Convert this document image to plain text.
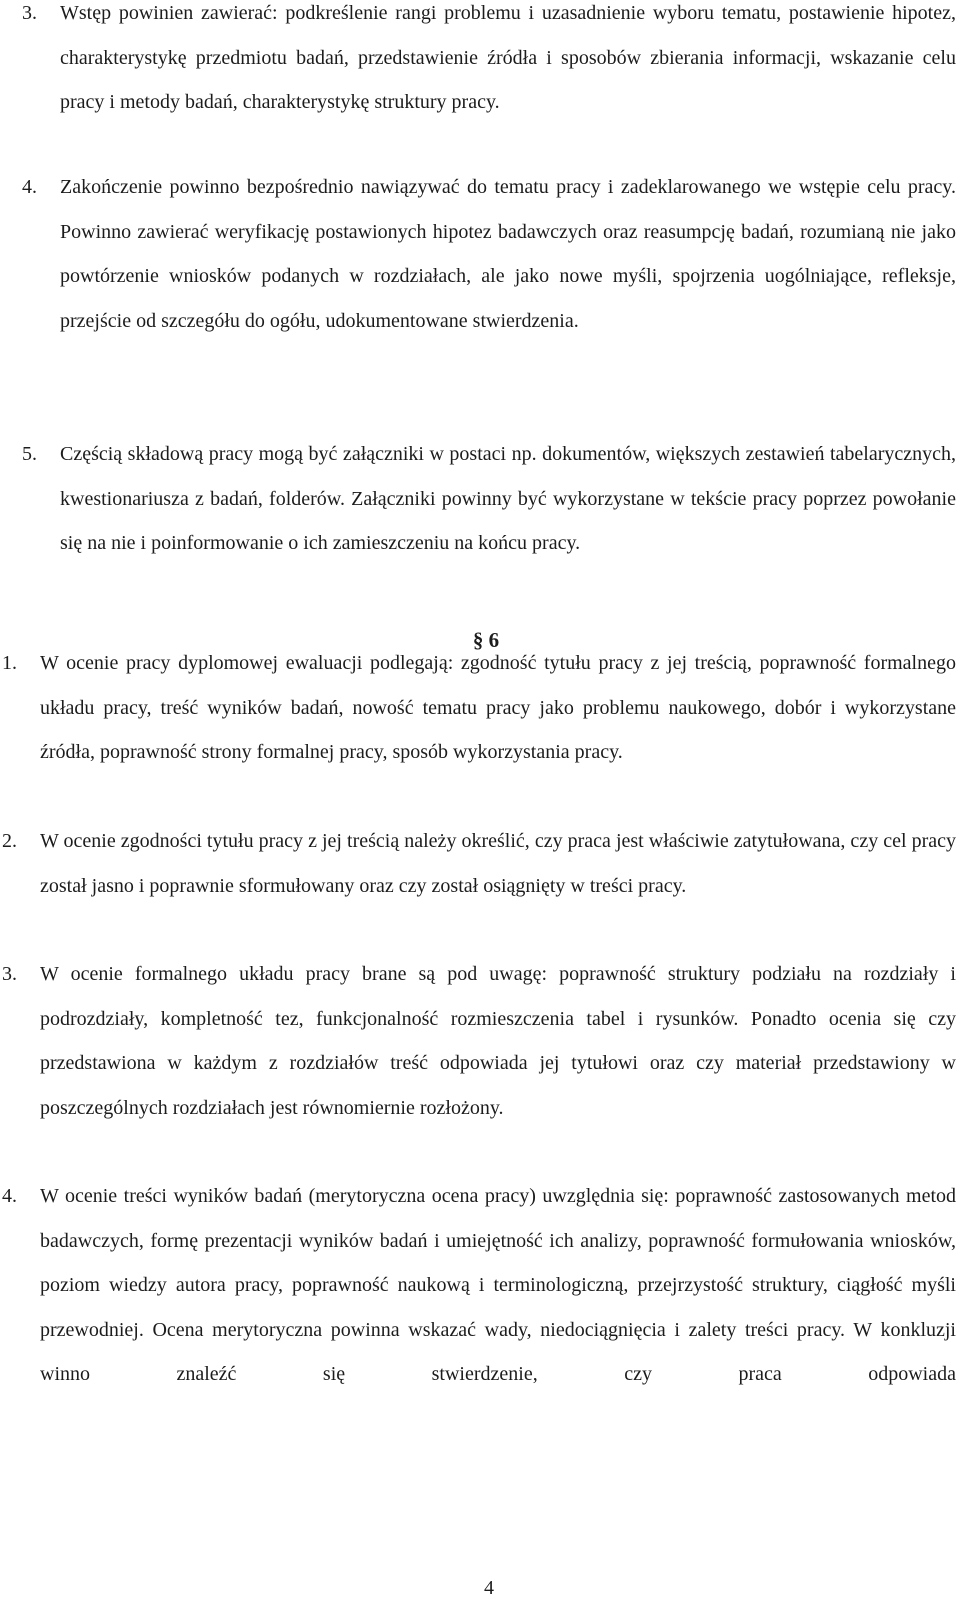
3. Wstęp powinien zawierać: podkreślenie rangi problemu i uzasadnienie wyboru tematu, postawienie hipotez, charakterystykę przedmiotu badań, przedstawienie źródła i sposobów zbierania informacji, wskazanie celu pracy i metody badań, charakterystykę struktury pracy.

4. Zakończenie powinno bezpośrednio nawiązywać do tematu pracy i zadeklarowanego we wstępie celu pracy. Powinno zawierać weryfikację postawionych hipotez badawczych oraz reasumpcję badań, rozumianą nie jako powtórzenie wniosków podanych w rozdziałach, ale jako nowe myśli, spojrzenia uogólniające, refleksje, przejście od szczegółu do ogółu, udokumentowane stwierdzenia.

5. Częścią składową pracy mogą być załączniki w postaci np. dokumentów, większych zestawień tabelarycznych, kwestionariusza z badań, folderów. Załączniki powinny być wykorzystane w tekście pracy poprzez powołanie się na nie i poinformowanie o ich zamieszczeniu na końcu pracy.

§ 6
1. W ocenie pracy dyplomowej ewaluacji podlegają: zgodność tytułu pracy z jej treścią, poprawność formalnego układu pracy, treść wyników badań, nowość tematu pracy jako problemu naukowego, dobór i wykorzystane źródła, poprawność strony formalnej pracy, sposób wykorzystania pracy.

2. W ocenie zgodności tytułu pracy z jej treścią należy określić, czy praca jest właściwie zatytułowana, czy cel pracy został jasno i poprawnie sformułowany oraz czy został osiągnięty w treści pracy.

3. W ocenie formalnego układu pracy brane są pod uwagę: poprawność struktury podziału na rozdziały i podrozdziały, kompletność tez, funkcjonalność rozmieszczenia tabel i rysunków. Ponadto ocenia się czy przedstawiona w każdym z rozdziałów treść odpowiada jej tytułowi oraz czy materiał przedstawiony w poszczególnych rozdziałach jest równomiernie rozłożony.

4. W ocenie treści wyników badań (merytoryczna ocena pracy) uwzględnia się: poprawność zastosowanych metod badawczych, formę prezentacji wyników badań i umiejętność ich analizy, poprawność formułowania wniosków, poziom wiedzy autora pracy, poprawność naukową i terminologiczną, przejrzystość struktury, ciągłość myśli przewodniej. Ocena merytoryczna powinna wskazać wady, niedociągnięcia i zalety treści pracy. W konkluzji winno znaleźć się stwierdzenie, czy praca odpowiada

4
